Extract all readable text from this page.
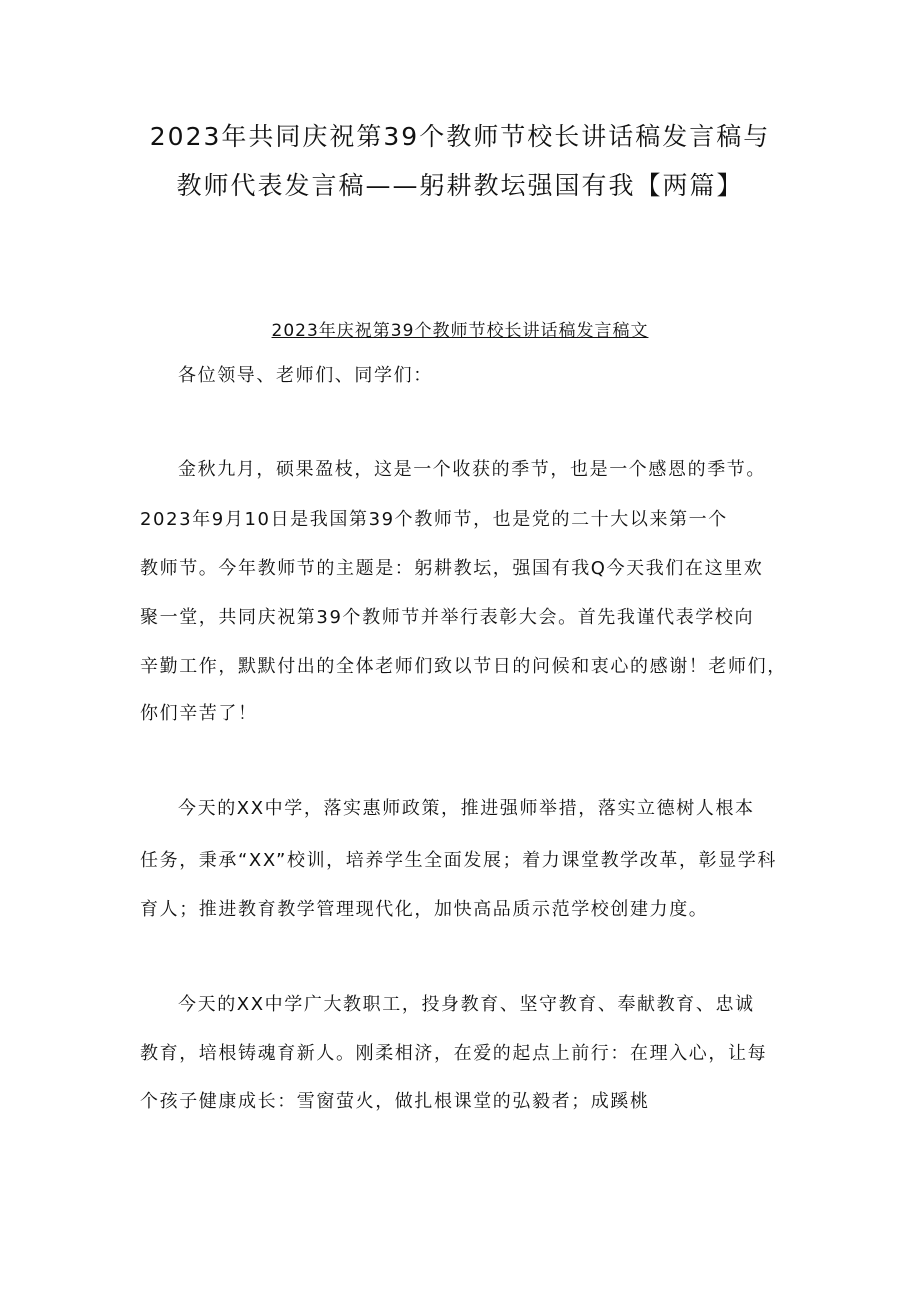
2023年共同庆祝第39个教师节校长讲话稿发言稿与
教师代表发言稿——躬耕教坛强国有我【两篇】
2023年庆祝第39个教师节校长讲话稿发言稿文
各位领导、老师们、同学们：
金秋九月，硕果盈枝，这是一个收获的季节，也是一个感恩的季节。
2023年9月10日是我国第39个教师节，也是党的二十大以来第一个
教师节。今年教师节的主题是：躬耕教坛，强国有我Q今天我们在这里欢
聚一堂，共同庆祝第39个教师节并举行表彰大会。首先我谨代表学校向
辛勤工作，默默付出的全体老师们致以节日的问候和衷心的感谢！老师们，
你们辛苦了！
今天的XX中学，落实惠师政策，推进强师举措，落实立德树人根本
任务，秉承“XX”校训，培养学生全面发展；着力课堂教学改革，彰显学科
育人；推进教育教学管理现代化，加快高品质示范学校创建力度。
今天的XX中学广大教职工，投身教育、坚守教育、奉献教育、忠诚
教育，培根铸魂育新人。刚柔相济，在爱的起点上前行：在理入心，让每
个孩子健康成长：雪窗萤火，做扎根课堂的弘毅者；成蹊桃
